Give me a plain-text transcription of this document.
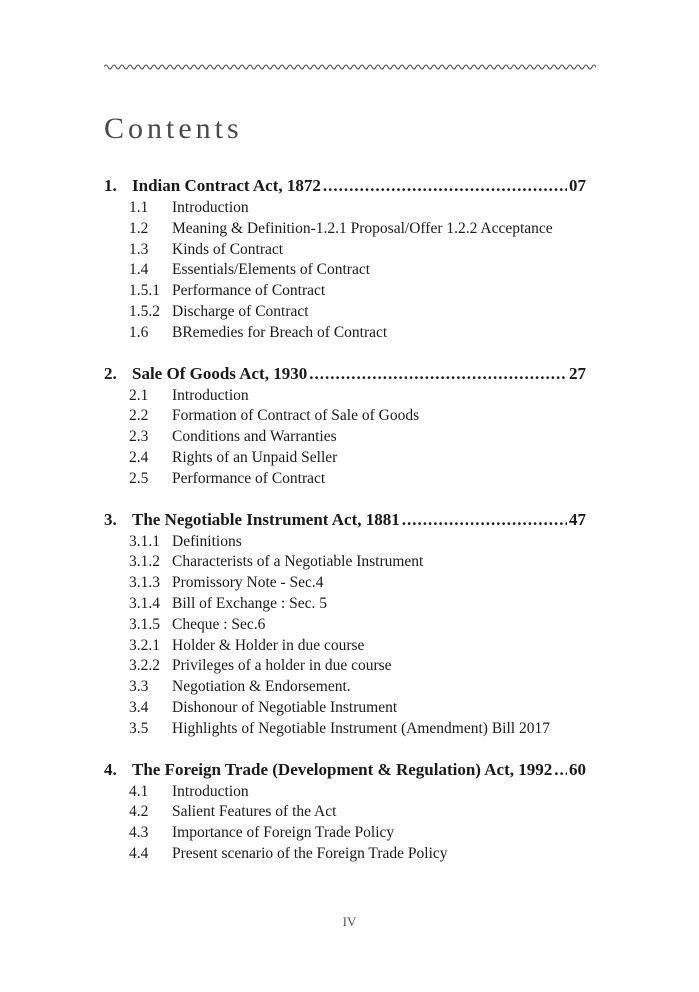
Contents
1. Indian Contract Act, 1872 .....	07
1.1	Introduction
1.2	Meaning & Definition-1.2.1 Proposal/Offer 1.2.2 Acceptance
1.3	Kinds of Contract
1.4	Essentials/Elements of Contract
1.5.1 Performance of Contract
1.5.2 Discharge of Contract
1.6	BRemedies for Breach of Contract
2. Sale Of Goods Act, 1930 .....	27
2.1	Introduction
2.2	Formation of Contract of Sale of Goods
2.3	Conditions and Warranties
2.4	Rights of an Unpaid Seller
2.5	Performance of Contract
3. The Negotiable Instrument Act, 1881 .....	47
3.1.1 Definitions
3.1.2 Characterists of a Negotiable Instrument
3.1.3 Promissory Note - Sec.4
3.1.4 Bill of Exchange : Sec. 5
3.1.5 Cheque : Sec.6
3.2.1 Holder & Holder in due course
3.2.2 Privileges of a holder in due course
3.3	Negotiation & Endorsement.
3.4	Dishonour of Negotiable Instrument
3.5	Highlights of Negotiable Instrument (Amendment) Bill 2017
4. The Foreign Trade (Development & Regulation) Act, 1992 ..... 60
4.1	Introduction
4.2	Salient Features of the Act
4.3	Importance of Foreign Trade Policy
4.4	Present scenario of the Foreign Trade Policy
IV
